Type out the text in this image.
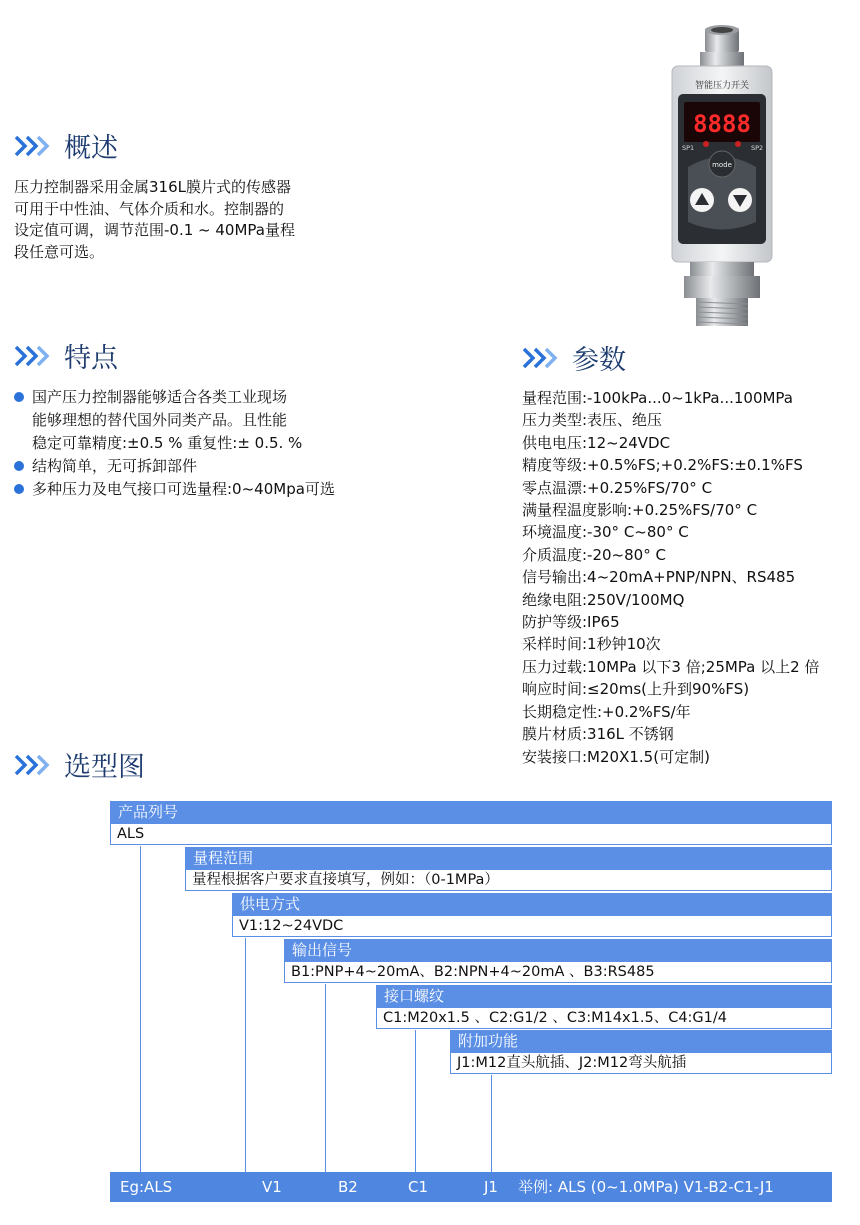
概述
压力控制器采用金属316L膜片式的传感器
可用于中性油、气体介质和水。控制器的
设定值可调，调节范围-0.1 ~ 40MPa量程
段任意可选。
智能压力开关
8888
SP1	SP2
mode
特点
国产压力控制器能够适合各类工业现场
能够理想的替代国外同类产品。且性能
稳定可靠精度:±0.5 % 重复性:± 0.5. %
结构简单，无可拆卸部件
多种压力及电气接口可选量程:0~40Mpa可选
参数
量程范围:-100kPa...0~1kPa...100MPa
压力类型:表压、绝压
供电电压:12~24VDC
精度等级:+0.5%FS;+0.2%FS:±0.1%FS
零点温漂:+0.25%FS/70° C
满量程温度影响:+0.25%FS/70° C
环境温度:-30° C~80° C
介质温度:-20~80° C
信号输出:4~20mA+PNP/NPN、RS485
绝缘电阻:250V/100MQ
防护等级:IP65
采样时间:1秒钟10次
压力过载:10MPa 以下3 倍;25MPa 以上2 倍
响应时间:≤20ms(上升到90%FS)
长期稳定性:+0.2%FS/年
膜片材质:316L 不锈钢
安装接口:M20X1.5(可定制)
选型图
产品列号
ALS
量程范围
量程根据客户要求直接填写，例如：（0-1MPa）
供电方式
V1:12~24VDC
输出信号
B1:PNP+4~20mA、B2:NPN+4~20mA 、B3:RS485
接口螺纹
C1:M20x1.5 、C2:G1/2 、C3:M14x1.5、C4:G1/4
附加功能
J1:M12直头航插、J2:M12弯头航插
Eg:ALS	V1	B2	C1	J1 举例: ALS (0~1.0MPa) V1-B2-C1-J1
